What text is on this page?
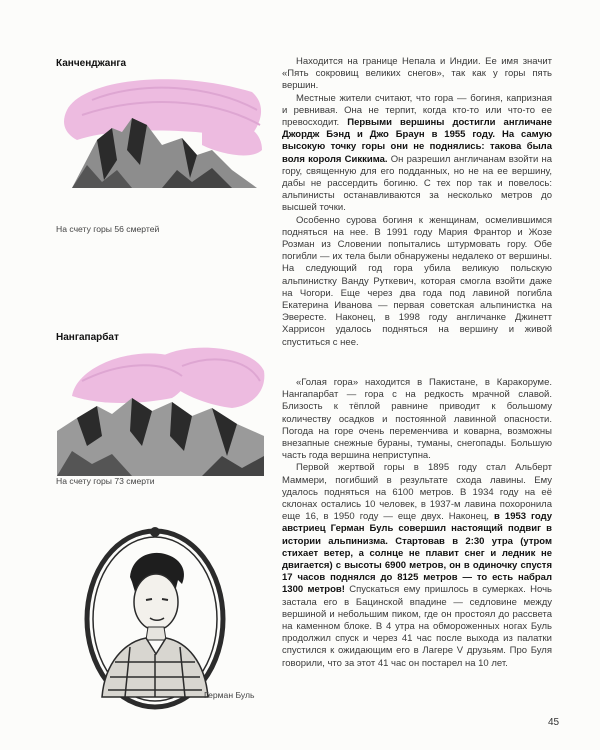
Канченджанга
На счету горы 56 смертей

Находится на границе Непала и Индии. Ее имя значит «Пять сокровищ великих снегов», так как у горы пять вершин.

Местные жители считают, что гора — богиня, капризная и ревнивая. Она не терпит, когда кто-то или что-то ее превосходит. Первыми вершины достигли англичане Джордж Бэнд и Джо Браун в 1955 году. На самую высокую точку горы они не поднялись: такова была воля короля Сиккима. Он разрешил англичанам взойти на гору, священную для его подданных, но не на ее вершину, дабы не рассердить богиню. С тех пор так и повелось: альпинисты останавливаются за несколько метров до высшей точки.

Особенно сурова богиня к женщинам, осмелившимся подняться на нее. В 1991 году Мария Франтор и Жозе Розман из Словении попытались штурмовать гору. Обе погибли — их тела были обнаружены недалеко от вершины. На следующий год гора убила великую польскую альпинистку Ванду Руткевич, которая смогла взойти даже на Чогори. Еще через два года под лавиной погибла Екатерина Иванова — первая советская альпинистка на Эвересте. Наконец, в 1998 году англичанке Джинетт Харрисон удалось подняться на вершину и живой спуститься с нее.

Нангапарбат
На счету горы 73 смерти

«Голая гора» находится в Пакистане, в Каракоруме. Нангапарбат — гора с на редкость мрачной славой. Близость к тёплой равнине приводит к большому количеству осадков и постоянной лавинной опасности. Погода на горе очень переменчива и коварна, возможны внезапные снежные бураны, туманы, снегопады. Большую часть года вершина неприступна.

Первой жертвой горы в 1895 году стал Альберт Маммери, погибший в результате схода лавины. Ему удалось подняться на 6100 метров. В 1934 году на её склонах остались 10 человек, в 1937-м лавина похоронила еще 16, в 1950 году — еще двух. Наконец, в 1953 году австриец Герман Буль совершил настоящий подвиг в истории альпинизма. Стартовав в 2:30 утра (утром стихает ветер, а солнце не плавит снег и ледник не двигается) с высоты 6900 метров, он в одиночку спустя 17 часов поднялся до 8125 метров — то есть набрал 1300 метров! Спускаться ему пришлось в сумерках. Ночь застала его в Бацинской впадине — седловине между вершиной и небольшим пиком, где он простоял до рассвета на каменном блоке. В 4 утра на обмороженных ногах Буль продолжил спуск и через 41 час после выхода из палатки спустился к ожидающим его в Лагере V друзьям. Про Буля говорили, что за этот 41 час он постарел на 10 лет.

Герман Буль
45
